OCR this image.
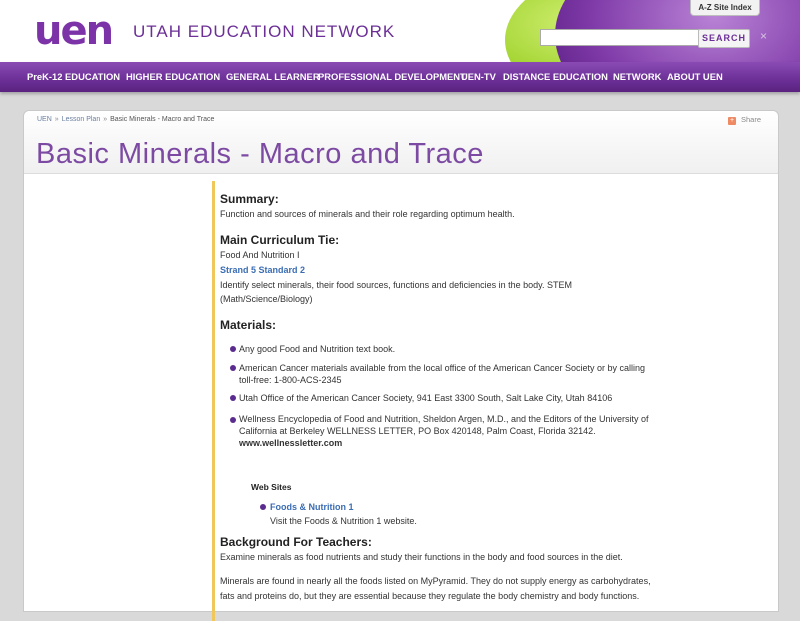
uen UTAH EDUCATION NETWORK
A-Z Site Index
SEARCH	×
PreK-12 EDUCATION HIGHER EDUCATION GENERAL LEARNER
PROFESSIONAL DEVELOPMENT
UEN-TV DISTANCE EDUCATION NETWORK ABOUT UEN
UEN » Lesson Plan » Basic Minerals - Macro and Trace	+ Share
Basic Minerals - Macro and Trace
Summary:
Function and sources of minerals and their role regarding optimum health.
Main Curriculum Tie:
Food And Nutrition I
Strand 5 Standard 2
Identify select minerals, their food sources, functions and deficiencies in the body. STEM
(Math/Science/Biology)
Materials:
Any good Food and Nutrition text book.
American Cancer materials available from the local office of the American Cancer Society or by calling
toll-free: 1-800-ACS-2345
Utah Office of the American Cancer Society, 941 East 3300 South, Salt Lake City, Utah 84106
Wellness Encyclopedia of Food and Nutrition, Sheldon Argen, M.D., and the Editors of the University of
California at Berkeley WELLNESS LETTER, PO Box 420148, Palm Coast, Florida 32142.
www.wellnessletter.com
Web Sites
Foods & Nutrition 1
Visit the Foods & Nutrition 1 website.
Background For Teachers:
Examine minerals as food nutrients and study their functions in the body and food sources in the diet.
Minerals are found in nearly all the foods listed on MyPyramid. They do not supply energy as carbohydrates,
fats and proteins do, but they are essential because they regulate the body chemistry and body functions.
